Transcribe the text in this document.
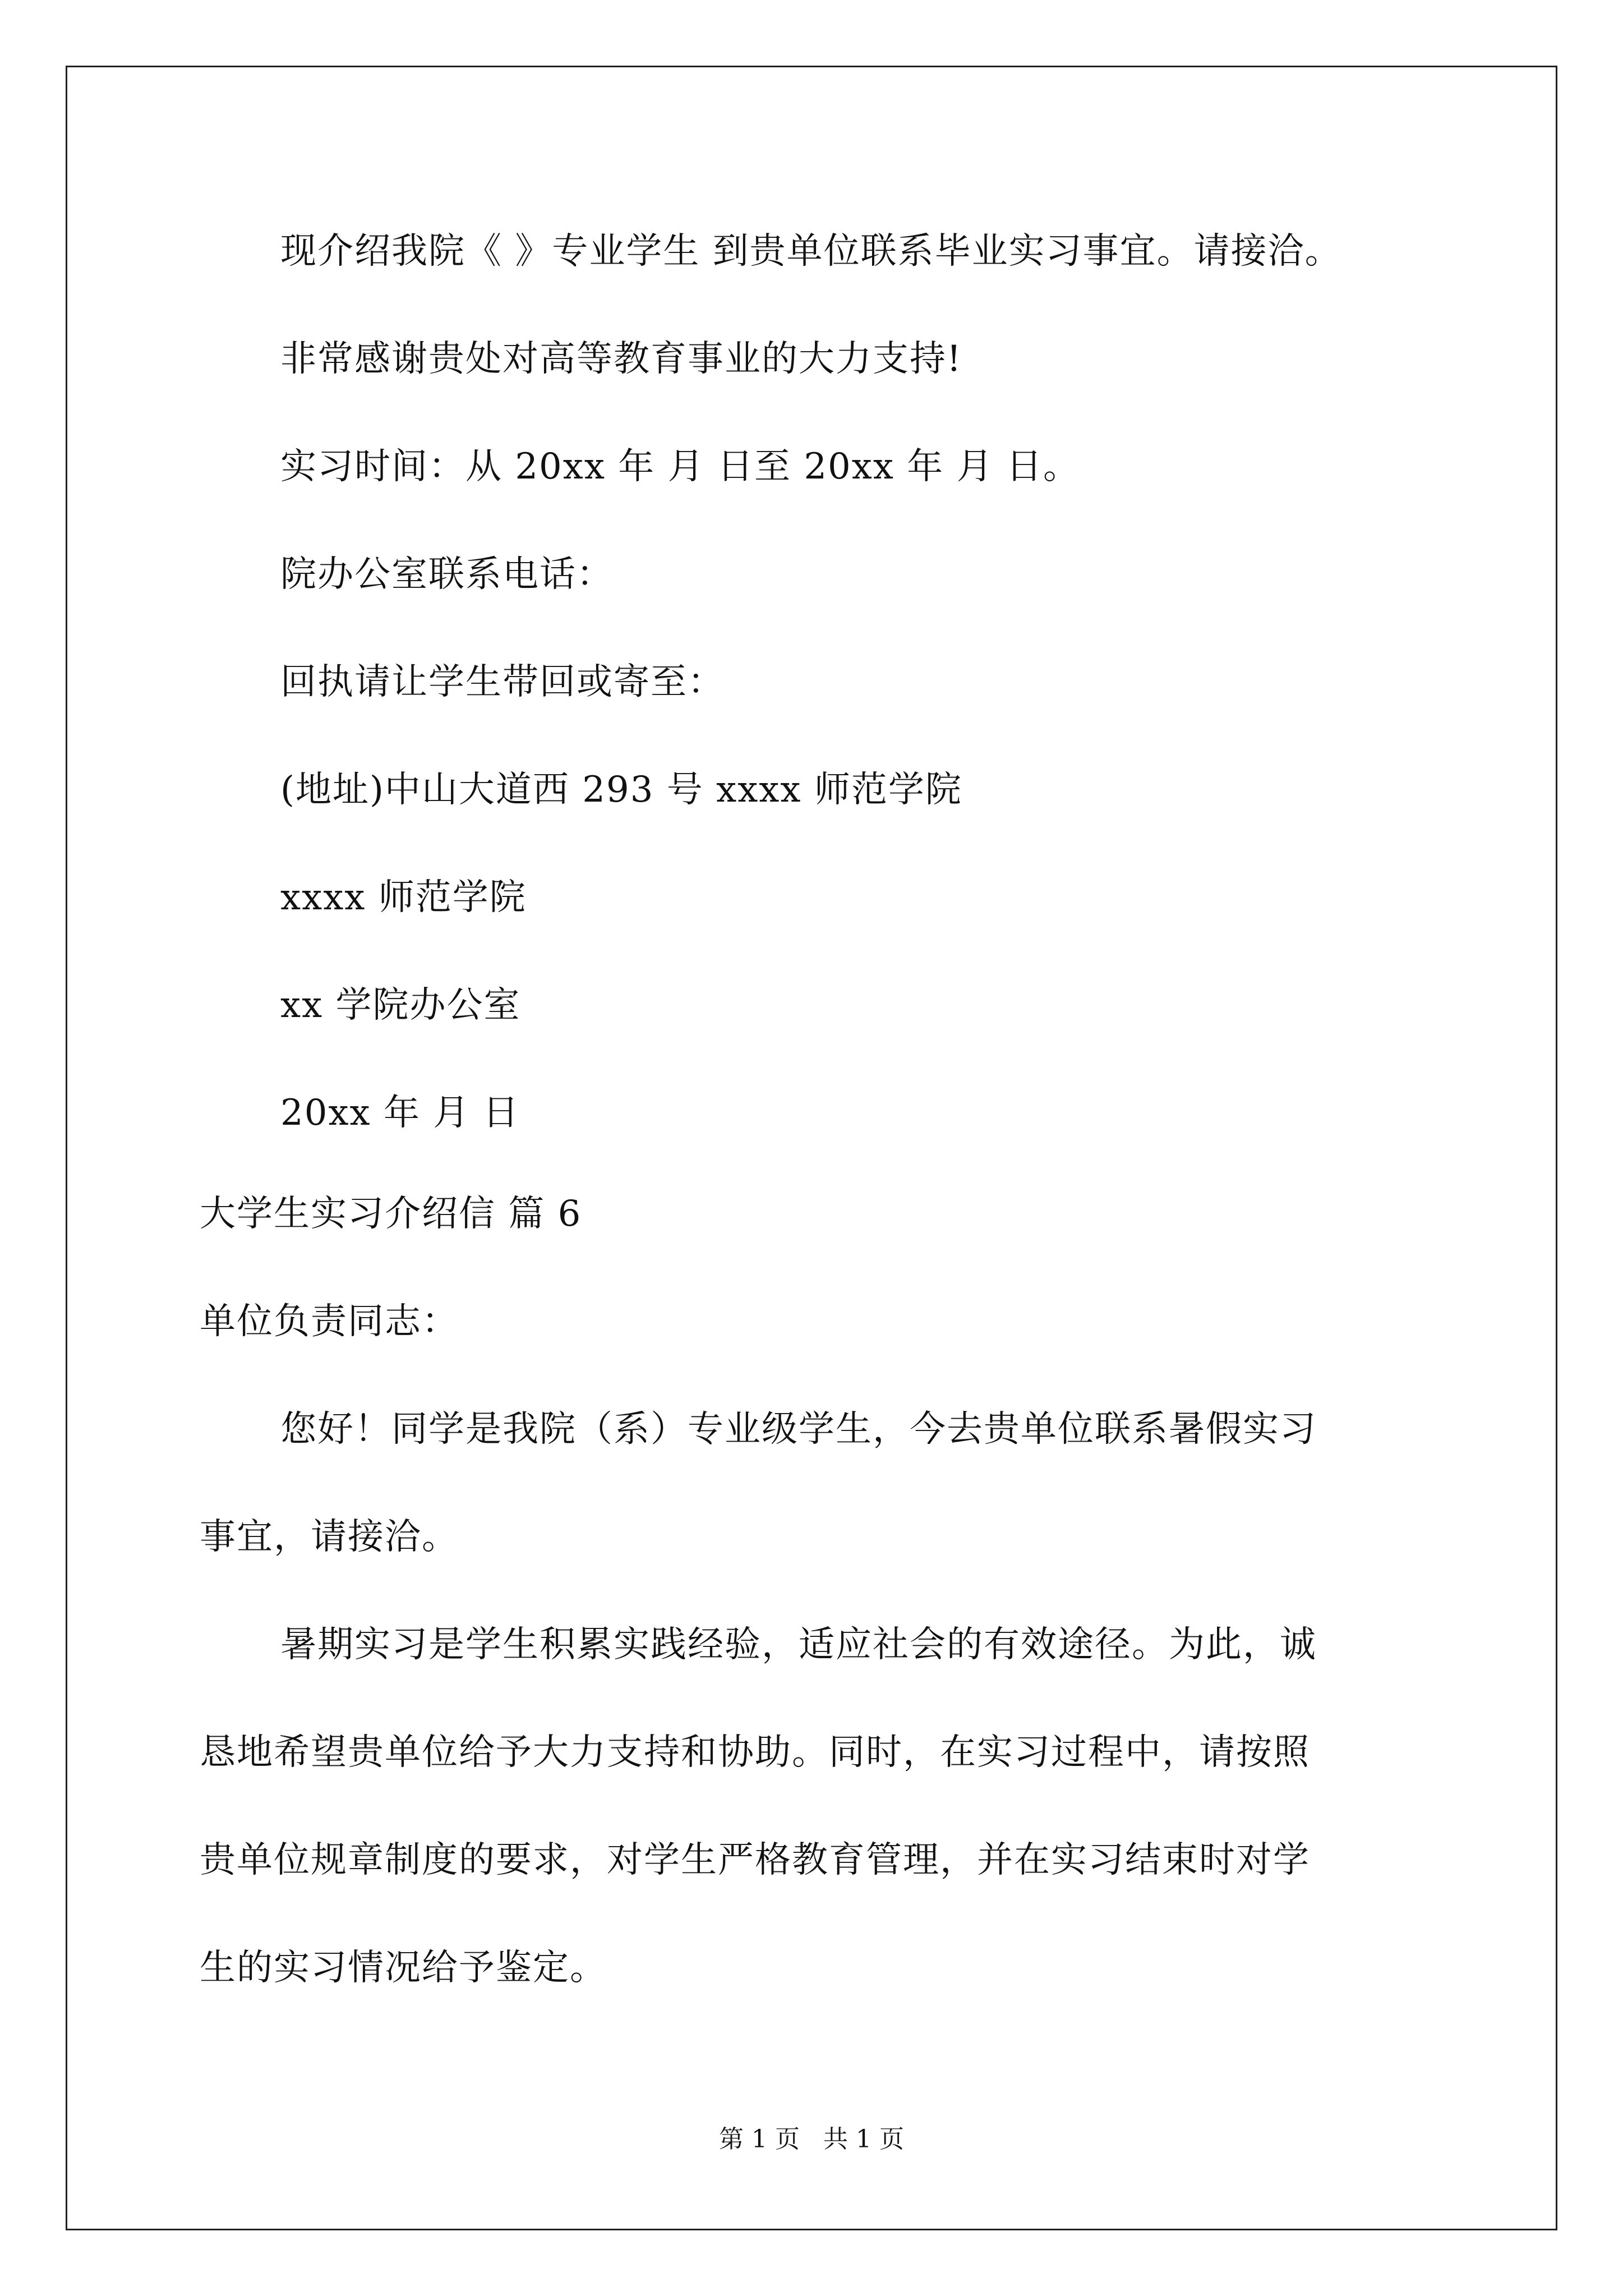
现介绍我院《 》专业学生 到贵单位联系毕业实习事宜。请接洽。
非常感谢贵处对高等教育事业的大力支持!
实习时间：从 20xx 年 月 日至 20xx 年 月 日。
院办公室联系电话：
回执请让学生带回或寄至：
(地址)中山大道西 293 号 xxxx 师范学院
xxxx 师范学院
xx 学院办公室
20xx 年 月 日
大学生实习介绍信 篇 6
单位负责同志：
您好！同学是我院（系）专业级学生，今去贵单位联系暑假实习
事宜，请接洽。
暑期实习是学生积累实践经验，适应社会的有效途径。为此，诚
恳地希望贵单位给予大力支持和协助。同时，在实习过程中，请按照
贵单位规章制度的要求，对学生严格教育管理，并在实习结束时对学
生的实习情况给予鉴定。
第 1 页   共 1 页
